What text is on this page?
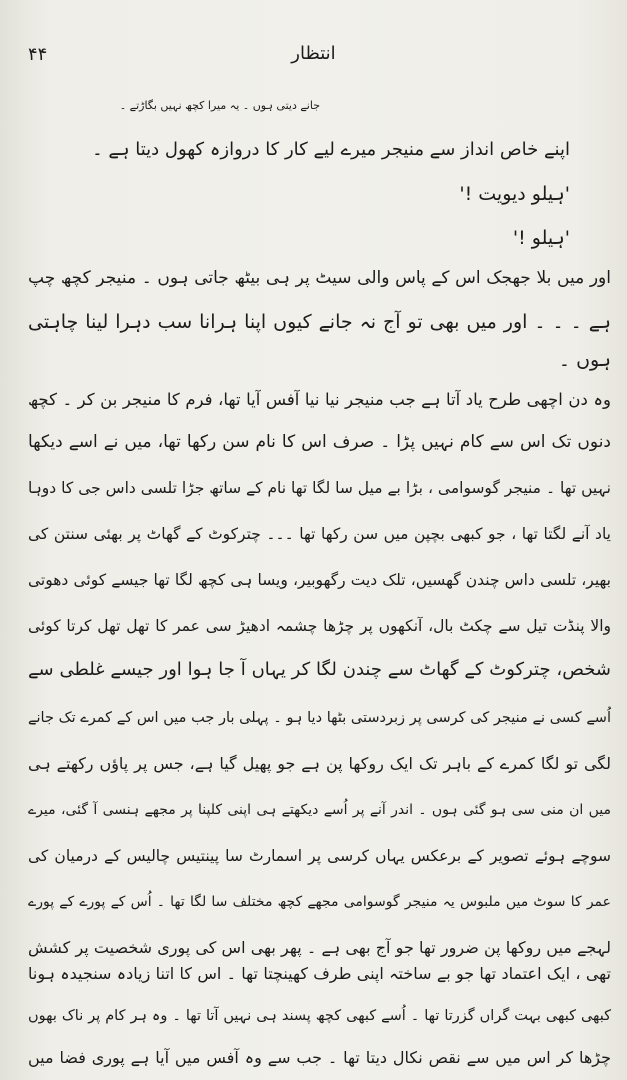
۴۴	انتظار
جانے دیتی ہوں ۔ یہ میرا کچھ نہیں بگاڑتے ۔
اپنے خاص انداز سے منیجر میرے لیے کار کا دروازہ کھول دیتا ہے ۔
'ہیلو دیویت !'
'ہیلو !'
اور میں بلا جھجک اس کے پاس والی سیٹ پر ہی بیٹھ جاتی ہوں ۔ منیجر کچھ چپ
ہے ۔ ۔ ۔ اور میں بھی تو آج نہ جانے کیوں اپنا ہرانا سب دہرا لینا چاہتی
ہوں ۔
وہ دن اچھی طرح یاد آتا ہے جب منیجر نیا نیا آفس آیا تھا، فرم کا منیجر بن کر ۔ کچھ
دنوں تک اس سے کام نہیں پڑا ۔ صرف اس کا نام سن رکھا تھا، میں نے اسے دیکھا
نہیں تھا ۔ منیجر گوسوامی ، بڑا بے میل سا لگا تھا نام کے ساتھ جڑا تلسی داس جی کا دوہا
یاد آنے لگتا تھا ، جو کبھی بچپن میں سن رکھا تھا ۔۔۔ چترکوٹ کے گھاٹ پر بھئی سنتن کی
بھیر، تلسی داس چندن گھسیں، تلک دیت رگھوبیر، ویسا ہی کچھ لگا تھا جیسے کوئی دھوتی
والا پنڈت تیل سے چکٹ بال، آنکھوں پر چڑھا چشمہ ادھیڑ سی عمر کا تھل تھل کرتا کوئی
شخص، چترکوٹ کے گھاٹ سے چندن لگا کر یہاں آ جا ہوا اور جیسے غلطی سے
اُسے کسی نے منیجر کی کرسی پر زبردستی بٹھا دیا ہو ۔ پہلی بار جب میں اس کے کمرے تک جانے
لگی تو لگا کمرے کے باہر تک ایک روکھا پن ہے جو پھیل گیا ہے، جس پر پاؤں رکھتے ہی
میں ان منی سی ہو گئی ہوں ۔ اندر آنے پر اُسے دیکھتے ہی اپنی کلپنا پر مجھے ہنسی آ گئی، میرے
سوچے ہوئے تصویر کے برعکس یہاں کرسی پر اسمارٹ سا پینتیس چالیس کے درمیان کی
عمر کا سوٹ میں ملبوس یہ منیجر گوسوامی مجھے کچھ مختلف سا لگا تھا ۔ اُس کے پورے کے پورے
لہجے میں روکھا پن ضرور تھا جو آج بھی ہے ۔ پھر بھی اس کی پوری شخصیت پر کشش
تھی ، ایک اعتماد تھا جو بے ساختہ اپنی طرف کھینچتا تھا ۔ اس کا اتنا زیادہ سنجیدہ ہونا
کبھی کبھی بہت گراں گزرتا تھا ۔ اُسے کبھی کچھ پسند ہی نہیں آتا تھا ۔ وہ ہر کام پر ناک بھوں
چڑھا کر اس میں سے نقص نکال دیتا تھا ۔ جب سے وہ آفس میں آیا ہے پوری فضا میں
